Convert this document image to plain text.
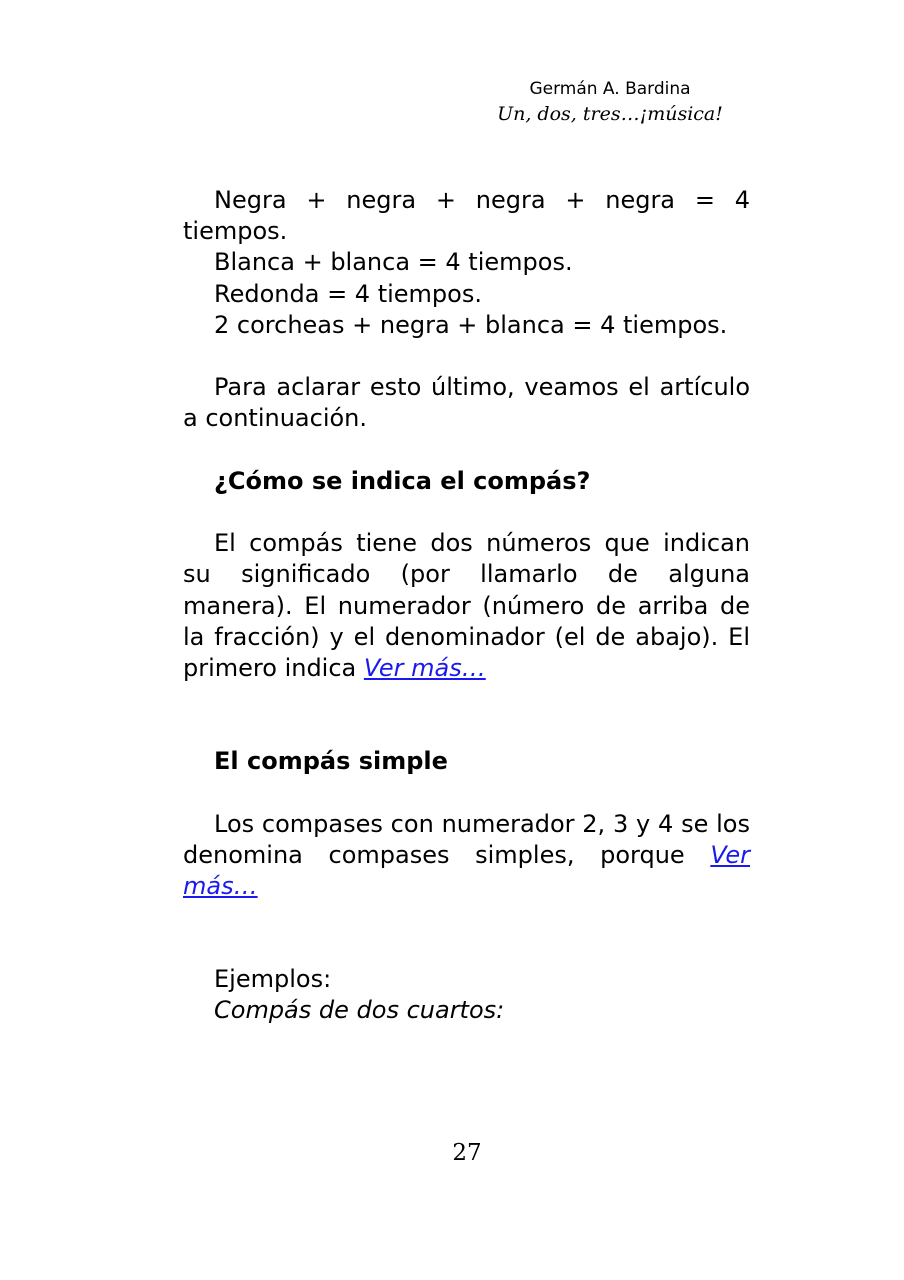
Germán A. Bardina
Un, dos, tres…¡música!

Negra + negra + negra + negra = 4 tiempos.

Blanca + blanca = 4 tiempos.

Redonda = 4 tiempos.

2 corcheas + negra + blanca = 4 tiempos.

Para aclarar esto último, veamos el artículo a continuación.

¿Cómo se indica el compás?

El compás tiene dos números que indican su significado (por llamarlo de alguna manera). El numerador (número de arriba de la fracción) y el denominador (el de abajo). El primero indica Ver más…

El compás simple

Los compases con numerador 2, 3 y 4 se los denomina compases simples, porque Ver más…

Ejemplos:

Compás de dos cuartos:

27
